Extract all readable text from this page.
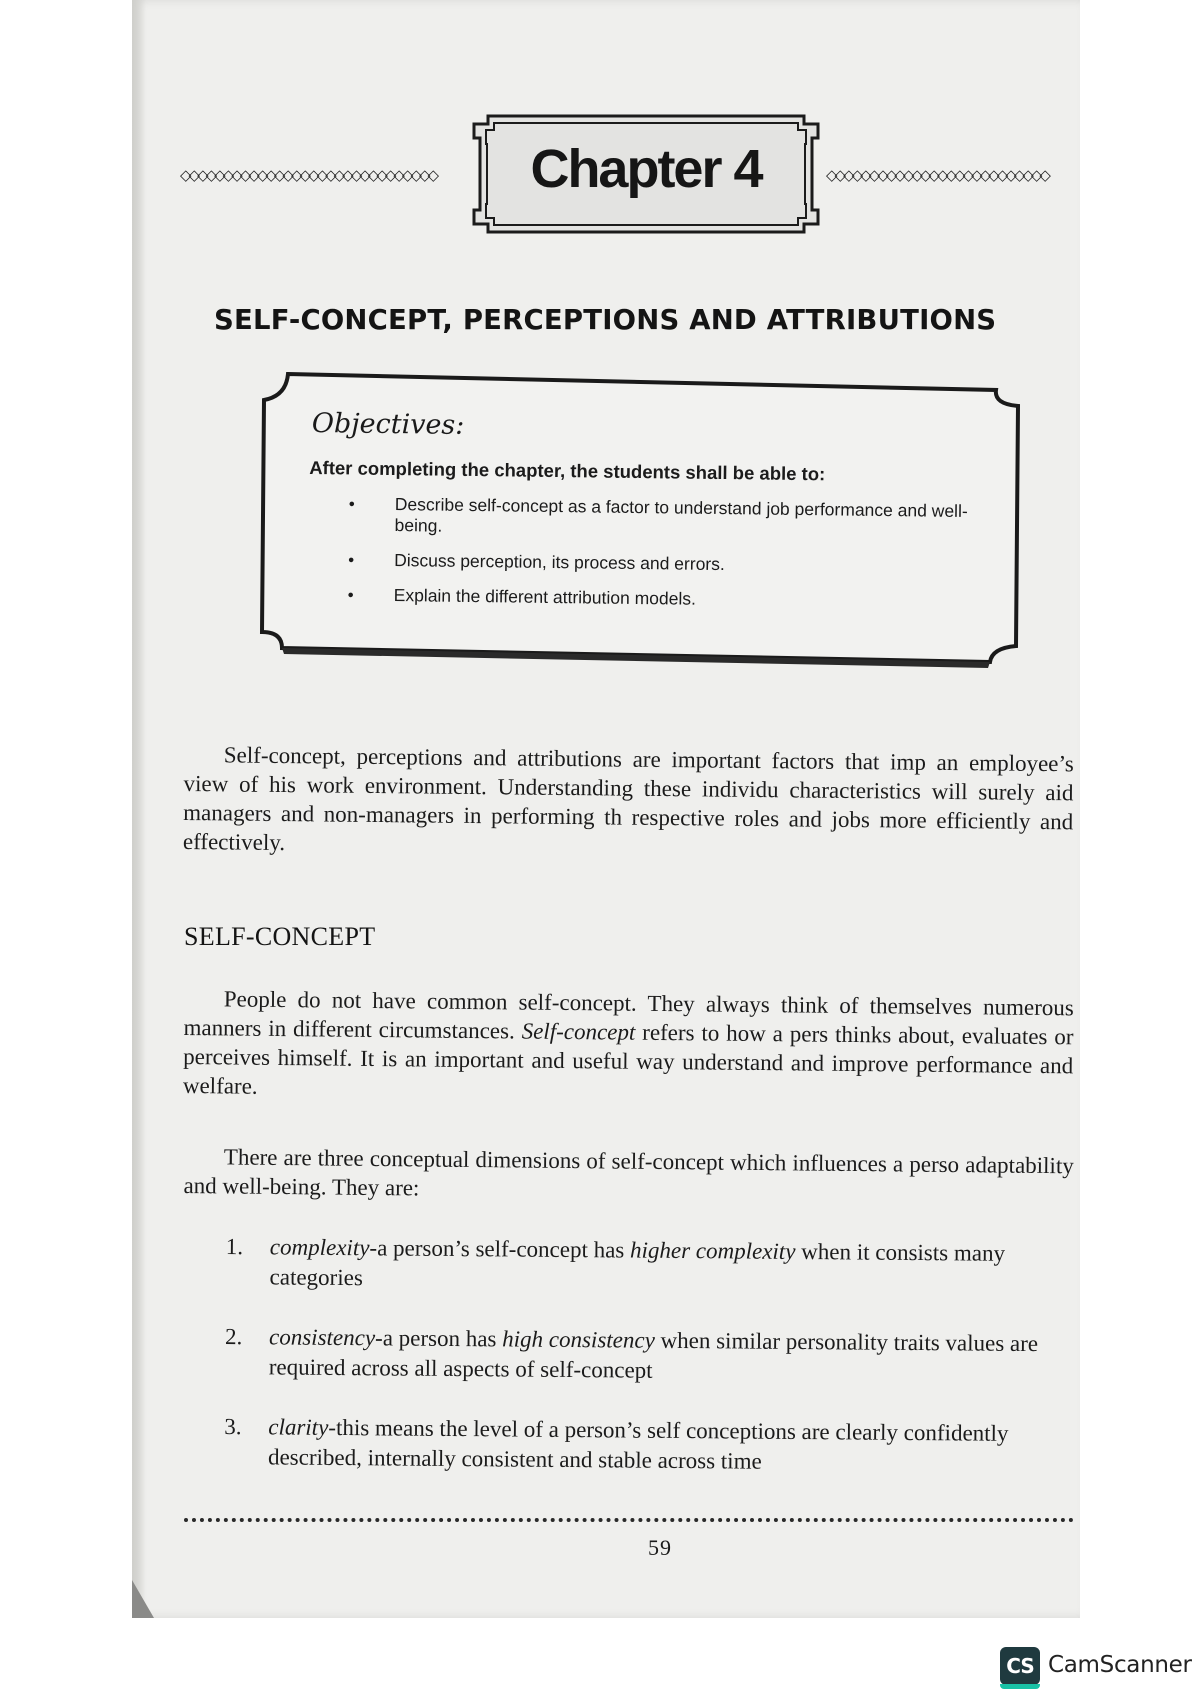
◇◇◇◇◇◇◇◇◇◇◇◇◇◇◇◇◇◇◇◇◇◇◇◇◇◇◇◇◇◇	◇◇◇◇◇◇◇◇◇◇◇◇◇◇◇◇◇◇◇◇◇◇◇◇◇◇
Chapter 4
SELF-CONCEPT, PERCEPTIONS AND ATTRIBUTIONS
Objectives:
After completing the chapter, the students shall be able to:
• Describe self-concept as a factor to understand job performance and well-being.
• Discuss perception, its process and errors.
• Explain the different attribution models.

Self-concept, perceptions and attributions are important factors that imp an employee’s view of his work environment. Understanding these individu characteristics will surely aid managers and non-managers in performing th respective roles and jobs more efficiently and effectively.

SELF-CONCEPT

People do not have common self-concept. They always think of themselves numerous manners in different circumstances. Self-concept refers to how a pers thinks about, evaluates or perceives himself. It is an important and useful way understand and improve performance and welfare.

There are three conceptual dimensions of self-concept which influences a perso adaptability and well-being. They are:

1. complexity-a person’s self-concept has higher complexity when it consists many categories
2. consistency-a person has high consistency when similar personality traits values are required across all aspects of self-concept
3. clarity-this means the level of a person’s self conceptions are clearly confidently described, internally consistent and stable across time
59
CS CamScanner
